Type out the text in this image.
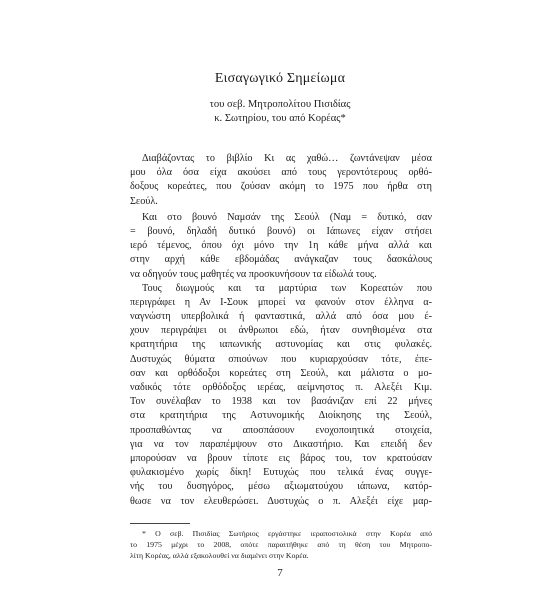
Εισαγωγικό Σημείωμα
του σεβ. Μητροπολίτου Πισιδίας
κ. Σωτηρίου, του από Κορέας*
Διαβάζοντας το βιβλίο Κι ας χαθώ… ζωντάνεψαν μέσα
μου όλα όσα είχα ακούσει από τους γεροντότερους ορθό-
δοξους κορεάτες, που ζούσαν ακόμη το 1975 που ήρθα στη
Σεούλ.
Και στο βουνό Ναμσάν της Σεούλ (Ναμ = δυτικό, σαν
= βουνό, δηλαδή δυτικό βουνό) οι Ιάπωνες είχαν στήσει
ιερό τέμενος, όπου όχι μόνο την 1η κάθε μήνα αλλά και
στην αρχή κάθε εβδομάδας ανάγκαζαν τους δασκάλους
να οδηγούν τους μαθητές να προσκυνήσουν τα είδωλά τους.
Τους διωγμούς και τα μαρτύρια των Κορεατών που
περιγράφει η Αν Ι-Σουκ μπορεί να φανούν στον έλληνα α-
ναγνώστη υπερβολικά ή φανταστικά, αλλά από όσα μου έ-
χουν περιγράψει οι άνθρωποι εδώ, ήταν συνηθισμένα στα
κρατητήρια της ιαπωνικής αστυνομίας και στις φυλακές.
Δυστυχώς θύματα σπιούνων που κυριαρχούσαν τότε, έπε-
σαν και ορθόδοξοι κορεάτες στη Σεούλ, και μάλιστα ο μο-
ναδικός τότε ορθόδοξος ιερέας, αείμνηστος π. Αλεξέι Κιμ.
Τον συνέλαβαν το 1938 και τον βασάνιζαν επί 22 μήνες
στα κρατητήρια της Αστυνομικής Διοίκησης της Σεούλ,
προσπαθώντας να αποσπάσουν ενοχοποιητικά στοιχεία,
για να τον παραπέμψουν στο Δικαστήριο. Και επειδή δεν
μπορούσαν να βρουν τίποτε εις βάρος του, τον κρατούσαν
φυλακισμένο χωρίς δίκη! Ευτυχώς που τελικά ένας συγγε-
νής του δυσηγόρος, μέσω αξιωματούχου ιάπωνα, κατόρ-
θωσε να τον ελευθερώσει. Δυστυχώς ο π. Αλεξέι είχε μαρ-
* Ο σεβ. Πισιδίας Σωτήριος εργάστηκε ιεραποστολικά στην Κορέα από
το 1975 μέχρι το 2008, οπότε παραιτήθηκε από τη θέση του Μητροπο-
λίτη Κορέας, αλλά εξακολουθεί να διαμένει στην Κορέα.
7
